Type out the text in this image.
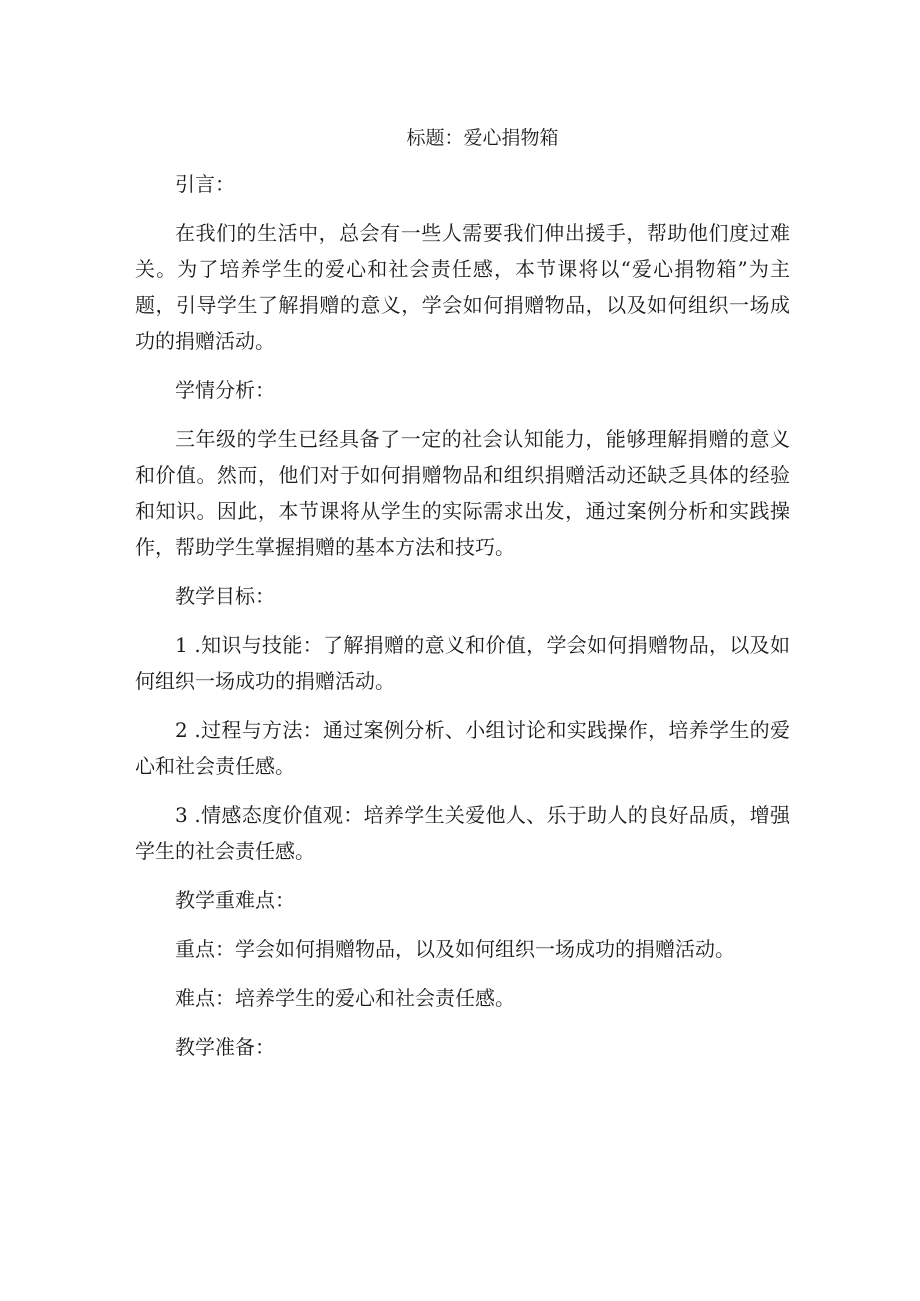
标题：爱心捐物箱
引言：
在我们的生活中，总会有一些人需要我们伸出援手，帮助他们度过难关。为了培养学生的爱心和社会责任感，本节课将以“爱心捐物箱”为主题，引导学生了解捐赠的意义，学会如何捐赠物品，以及如何组织一场成功的捐赠活动。
学情分析：
三年级的学生已经具备了一定的社会认知能力，能够理解捐赠的意义和价值。然而，他们对于如何捐赠物品和组织捐赠活动还缺乏具体的经验和知识。因此，本节课将从学生的实际需求出发，通过案例分析和实践操作，帮助学生掌握捐赠的基本方法和技巧。
教学目标：
1 .知识与技能：了解捐赠的意义和价值，学会如何捐赠物品，以及如何组织一场成功的捐赠活动。
2 .过程与方法：通过案例分析、小组讨论和实践操作，培养学生的爱心和社会责任感。
3 .情感态度价值观：培养学生关爱他人、乐于助人的良好品质，增强学生的社会责任感。
教学重难点：
重点：学会如何捐赠物品，以及如何组织一场成功的捐赠活动。
难点：培养学生的爱心和社会责任感。
教学准备：
